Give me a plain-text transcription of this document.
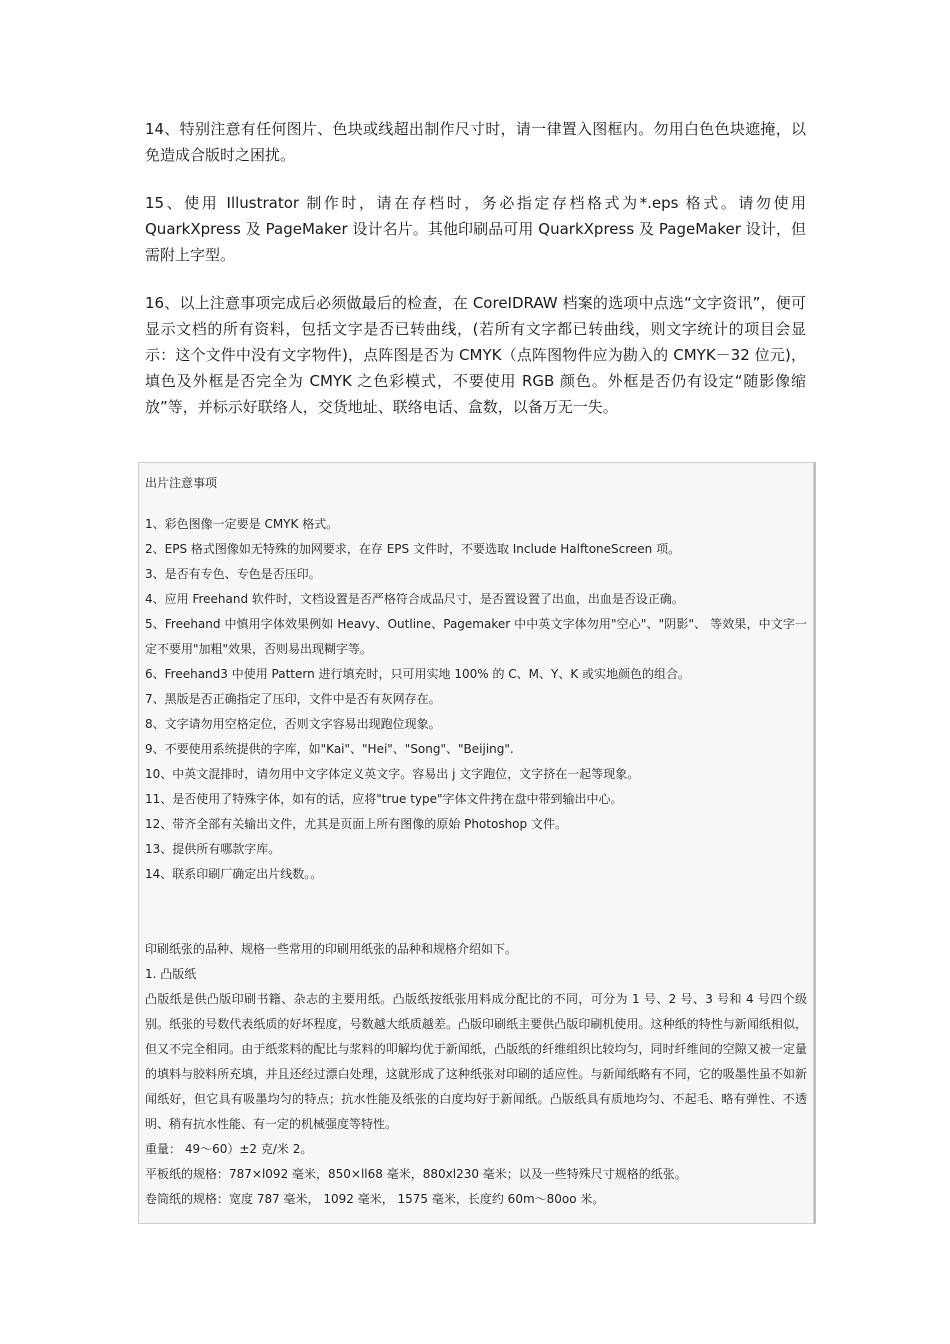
14、特别注意有任何图片、色块或线超出制作尺寸时，请一律置入图框内。勿用白色色块遮掩，以免造成合版时之困扰。

15、使用 Illustrator 制作时，请在存档时，务必指定存档格式为*.eps 格式。请勿使用 QuarkXpress 及 PageMaker 设计名片。其他印刷品可用 QuarkXpress 及 PageMaker 设计，但需附上字型。

16、以上注意事项完成后必须做最后的检查，在 CoreIDRAW 档案的选项中点选“文字资讯”，便可显示文档的所有资料，包括文字是否已转曲线，(若所有文字都已转曲线，则文字统计的项目会显示：这个文件中没有文字物件)，点阵图是否为 CMYK（点阵图物件应为勘入的 CMYK－32 位元)，填色及外框是否完全为 CMYK 之色彩模式，不要使用 RGB 颜色。外框是否仍有设定“随影像缩放”等，并标示好联络人，交货地址、联络电话、盒数，以备万无一失。

出片注意事项

1、彩色图像一定要是 CMYK 格式。

2、EPS 格式图像如无特殊的加网要求，在存 EPS 文件时，不要选取 Include HalftoneScreen 项。

3、是否有专色、专色是否压印。

4、应用 Freehand 软件时，文档设置是否严格符合成品尺寸，是否置设置了出血，出血是否设正确。

5、Freehand 中慎用字体效果例如 Heavy、Outline、Pagemaker 中中英文字体勿用"空心"、"阴影"、 等效果，中文字一定不要用"加粗"效果，否则易出现糊字等。

6、Freehand3 中使用 Pattern 进行填充时，只可用实地 100% 的 C、M、Y、K 或实地颜色的组合。

7、黑版是否正确指定了压印，文件中是否有灰网存在。

8、文字请勿用空格定位，否则文字容易出现跑位现象。

9、不要使用系统提供的字库，如"Kai"、"Hei"、"Song"、"Beijing".

10、中英文混排时，请勿用中文字体定义英文字。容易出 j 文字跑位，文字挤在一起等现象。

11、是否使用了特殊字体，如有的话，应将"true type"字体文件拷在盘中带到输出中心。

12、带齐全部有关输出文件，尤其是页面上所有图像的原始 Photoshop 文件。

13、提供所有哪款字库。

14、联系印刷厂确定出片线数。。

印刷纸张的品种、规格一些常用的印刷用纸张的品种和规格介绍如下。

1. 凸版纸

凸版纸是供凸版印刷书籍、杂志的主要用纸。凸版纸按纸张用料成分配比的不同，可分为 1 号、2 号、3 号和 4 号四个级别。纸张的号数代表纸质的好坏程度，号数越大纸质越差。凸版印刷纸主要供凸版印刷机使用。这种纸的特性与新闻纸相似，但又不完全相同。由于纸浆料的配比与浆料的叩解均优于新闻纸，凸版纸的纤维组织比较均匀，同时纤维间的空隙又被一定量的填料与胶料所充填，并且还经过漂白处理，这就形成了这种纸张对印刷的适应性。与新闻纸略有不同，它的吸墨性虽不如新闻纸好，但它具有吸墨均匀的特点；抗水性能及纸张的白度均好于新闻纸。凸版纸具有质地均匀、不起毛、略有弹性、不透明、稍有抗水性能、有一定的机械强度等特性。

重量： 49～60）±2 克/米 2。

平板纸的规格：787×l092 毫米，850×ll68 毫米，880xl230 毫米；以及一些特殊尺寸规格的纸张。

卷筒纸的规格：宽度 787 毫米， 1092 毫米， 1575 毫米，长度约 60m～80oo 米。
